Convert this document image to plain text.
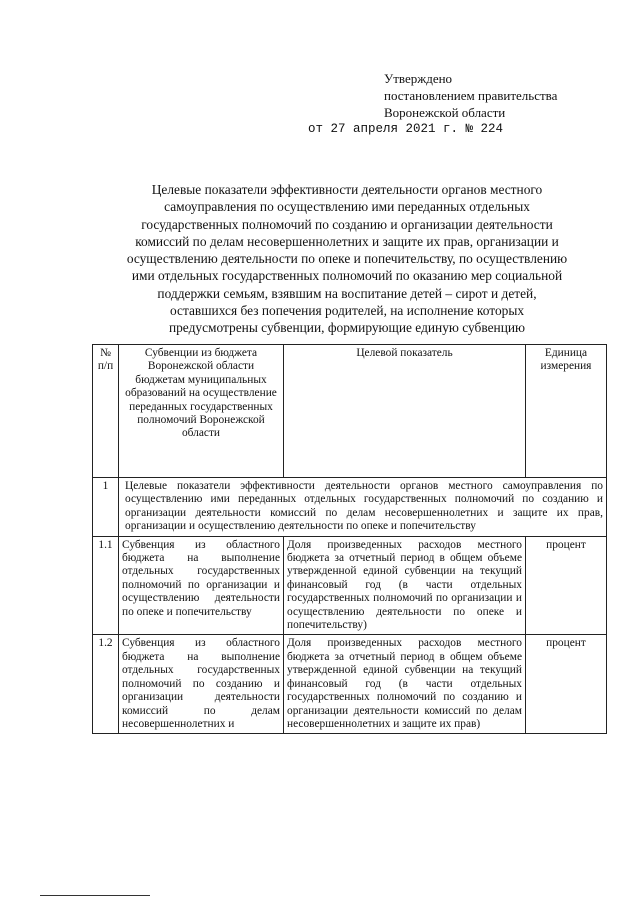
Утверждено
постановлением правительства
Воронежской области
от 27 апреля 2021 г. № 224
Целевые показатели эффективности деятельности органов местного
самоуправления по осуществлению ими переданных отдельных
государственных полномочий по созданию и организации деятельности
комиссий по делам несовершеннолетних и защите их прав, организации и
осуществлению деятельности по опеке и попечительству, по осуществлению
ими отдельных государственных полномочий по оказанию мер социальной
поддержки семьям, взявшим на воспитание детей – сирот и детей,
оставшихся без попечения родителей, на исполнение которых
предусмотрены субвенции, формирующие единую субвенцию
№ п/п	Субвенции из бюджета Воронежской области бюджетам муниципальных образований на осуществление переданных государственных полномочий Воронежской области	Целевой показатель	Единица измерения
1	Целевые показатели эффективности деятельности органов местного самоуправления по осуществлению ими переданных отдельных государственных полномочий по созданию и организации деятельности комиссий по делам несовершеннолетних и защите их прав, организации и осуществлению деятельности по опеке и попечительству		
1.1	Субвенция из областного бюджета на выполнение отдельных государственных полномочий по организации и осуществлению деятельности по опеке и попечительству	Доля произведенных расходов местного бюджета за отчетный период в общем объеме утвержденной единой субвенции на текущий финансовый год (в части отдельных государственных полномочий по организации и осуществлению деятельности по опеке и попечительству)	процент
1.2	Субвенция из областного бюджета на выполнение отдельных государственных полномочий по созданию и организации деятельности комиссий по делам несовершеннолетних и	Доля произведенных расходов местного бюджета за отчетный период в общем объеме утвержденной единой субвенции на текущий финансовый год (в части отдельных государственных полномочий по созданию и организации деятельности комиссий по делам несовершеннолетних и защите их прав)	процент
